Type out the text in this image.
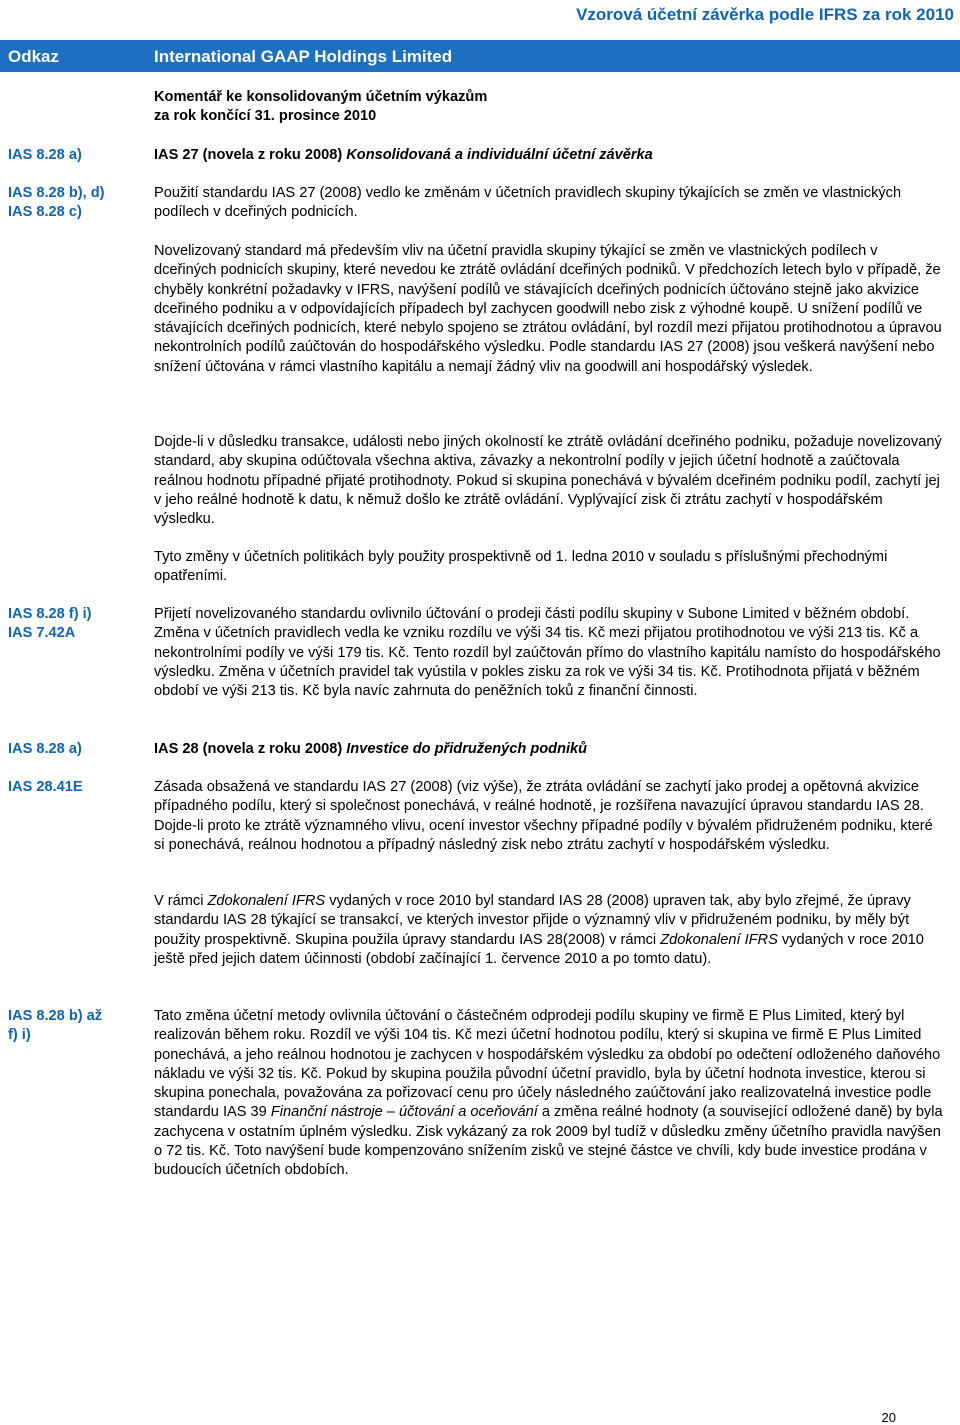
Vzorová účetní závěrka podle IFRS za rok 2010
Odkaz	International GAAP Holdings Limited
Komentář ke konsolidovaným účetním výkazům
za rok končící 31. prosince 2010
IAS 8.28 a)
IAS 8.28 b), d)
IAS 8.28 c)
IAS 8.28 f) i)
IAS 7.42A
IAS 8.28 a)
IAS 28.41E
IAS 8.28 b) až
f) i)
IAS 27 (novela z roku 2008) Konsolidovaná a individuální účetní závěrka
Použití standardu IAS 27 (2008) vedlo ke změnám v účetních pravidlech skupiny týkajících se změn ve vlastnických podílech v dceřiných podnicích.
Novelizovaný standard má především vliv na účetní pravidla skupiny týkající se změn ve vlastnických podílech v dceřiných podnicích skupiny, které nevedou ke ztrátě ovládání dceřiných podniků. V předchozích letech bylo v případě, že chyběly konkrétní požadavky v IFRS, navýšení podílů ve stávajících dceřiných podnicích účtováno stejně jako akvizice dceřiného podniku a v odpovídajících případech byl zachycen goodwill nebo zisk z výhodné koupě. U snížení podílů ve stávajících dceřiných podnicích, které nebylo spojeno se ztrátou ovládání, byl rozdíl mezi přijatou protihodnotou a úpravou nekontrolních podílů zaúčtován do hospodářského výsledku. Podle standardu IAS 27 (2008) jsou veškerá navýšení nebo snížení účtována v rámci vlastního kapitálu a nemají žádný vliv na goodwill ani hospodářský výsledek.
Dojde-li v důsledku transakce, události nebo jiných okolností ke ztrátě ovládání dceřiného podniku, požaduje novelizovaný standard, aby skupina odúčtovala všechna aktiva, závazky a nekontrolní podíly v jejich účetní hodnotě a zaúčtovala reálnou hodnotu případné přijaté protihodnoty. Pokud si skupina ponechává v bývalém dceřiném podniku podíl, zachytí jej v jeho reálné hodnotě k datu, k němuž došlo ke ztrátě ovládání. Vyplývající zisk či ztrátu zachytí v hospodářském výsledku.
Tyto změny v účetních politikách byly použity prospektivně od 1. ledna 2010 v souladu s příslušnými přechodnými opatřeními.
Přijetí novelizovaného standardu ovlivnilo účtování o prodeji části podílu skupiny v Subone Limited v běžném období. Změna v účetních pravidlech vedla ke vzniku rozdílu ve výši 34 tis. Kč mezi přijatou protihodnotou ve výši 213 tis. Kč a nekontrolními podíly ve výši 179 tis. Kč. Tento rozdíl byl zaúčtován přímo do vlastního kapitálu namísto do hospodářského výsledku. Změna v účetních pravidel tak vyústila v pokles zisku za rok ve výši 34 tis. Kč. Protihodnota přijatá v běžném období ve výši 213 tis. Kč byla navíc zahrnuta do peněžních toků z finanční činnosti.
IAS 28 (novela z roku 2008) Investice do přidružených podniků
Zásada obsažená ve standardu IAS 27 (2008) (viz výše), že ztráta ovládání se zachytí jako prodej a opětovná akvizice případného podílu, který si společnost ponechává, v reálné hodnotě, je rozšířena navazující úpravou standardu IAS 28. Dojde-li proto ke ztrátě významného vlivu, ocení investor všechny případné podíly v bývalém přidruženém podniku, které si ponechává, reálnou hodnotou a případný následný zisk nebo ztrátu zachytí v hospodářském výsledku.
V rámci Zdokonalení IFRS vydaných v roce 2010 byl standard IAS 28 (2008) upraven tak, aby bylo zřejmé, že úpravy standardu IAS 28 týkající se transakcí, ve kterých investor přijde o významný vliv v přidruženém podniku, by měly být použity prospektivně. Skupina použila úpravy standardu IAS 28(2008) v rámci Zdokonalení IFRS vydaných v roce 2010 ještě před jejich datem účinnosti (období začínající 1. července 2010 a po tomto datu).
Tato změna účetní metody ovlivnila účtování o částečném odprodeji podílu skupiny ve firmě E Plus Limited, který byl realizován během roku. Rozdíl ve výši 104 tis. Kč mezi účetní hodnotou podílu, který si skupina ve firmě E Plus Limited ponechává, a jeho reálnou hodnotou je zachycen v hospodářském výsledku za období po odečtení odloženého daňového nákladu ve výši 32 tis. Kč. Pokud by skupina použila původní účetní pravidlo, byla by účetní hodnota investice, kterou si skupina ponechala, považována za pořizovací cenu pro účely následného zaúčtování jako realizovatelná investice podle standardu IAS 39 Finanční nástroje – účtování a oceňování a změna reálné hodnoty (a související odložené daně) by byla zachycena v ostatním úplném výsledku. Zisk vykázaný za rok 2009 byl tudíž v důsledku změny účetního pravidla navýšen o 72 tis. Kč. Toto navýšení bude kompenzováno snížením zisků ve stejné částce ve chvíli, kdy bude investice prodána v budoucích účetních obdobích.
20
